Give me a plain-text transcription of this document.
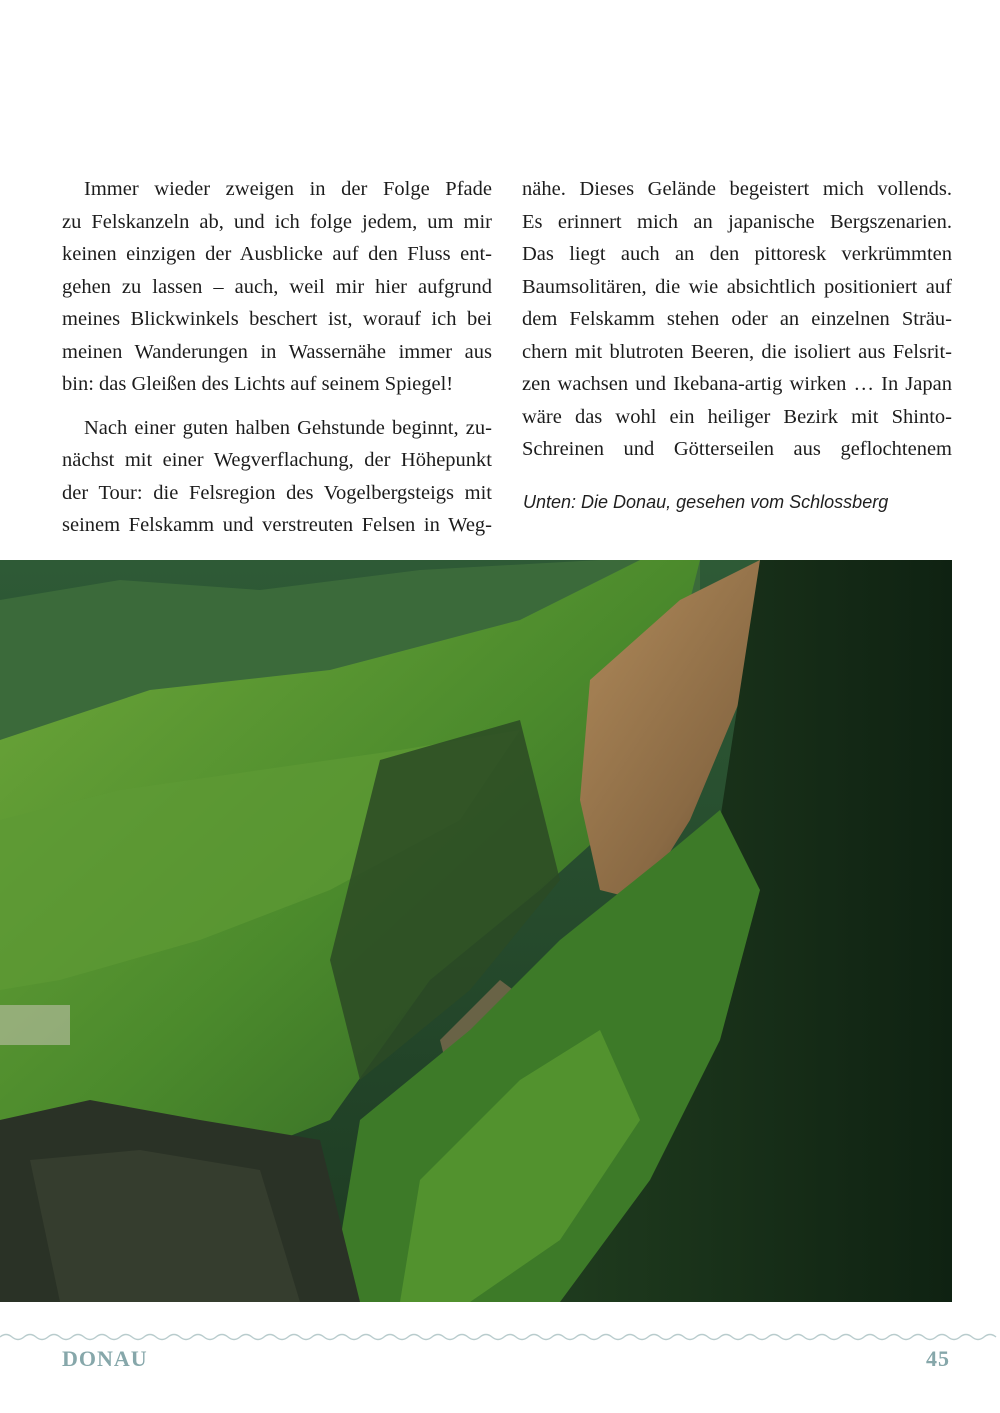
Immer wieder zweigen in der Folge Pfade
zu Felskanzeln ab, und ich folge jedem, um mir
keinen einzigen der Ausblicke auf den Fluss ent-
gehen zu lassen – auch, weil mir hier aufgrund
meines Blickwinkels beschert ist, worauf ich bei
meinen Wanderungen in Wassernähe immer aus
bin: das Gleißen des Lichts auf seinem Spiegel!
Nach einer guten halben Gehstunde beginnt, zu-
nächst mit einer Wegverflachung, der Höhepunkt
der Tour: die Felsregion des Vogelbergsteigs mit
seinem Felskamm und verstreuten Felsen in Weg-
nähe. Dieses Gelände begeistert mich vollends.
Es erinnert mich an japanische Bergszenarien.
Das liegt auch an den pittoresk verkrümmten
Baumsolitären, die wie absichtlich positioniert auf
dem Felskamm stehen oder an einzelnen Sträu-
chern mit blutroten Beeren, die isoliert aus Felsrit-
zen wachsen und Ikebana-artig wirken … In Japan
wäre das wohl ein heiliger Bezirk mit Shinto-
Schreinen und Götterseilen aus geflochtenem
Unten: Die Donau, gesehen vom Schlossberg
DONAU	45
